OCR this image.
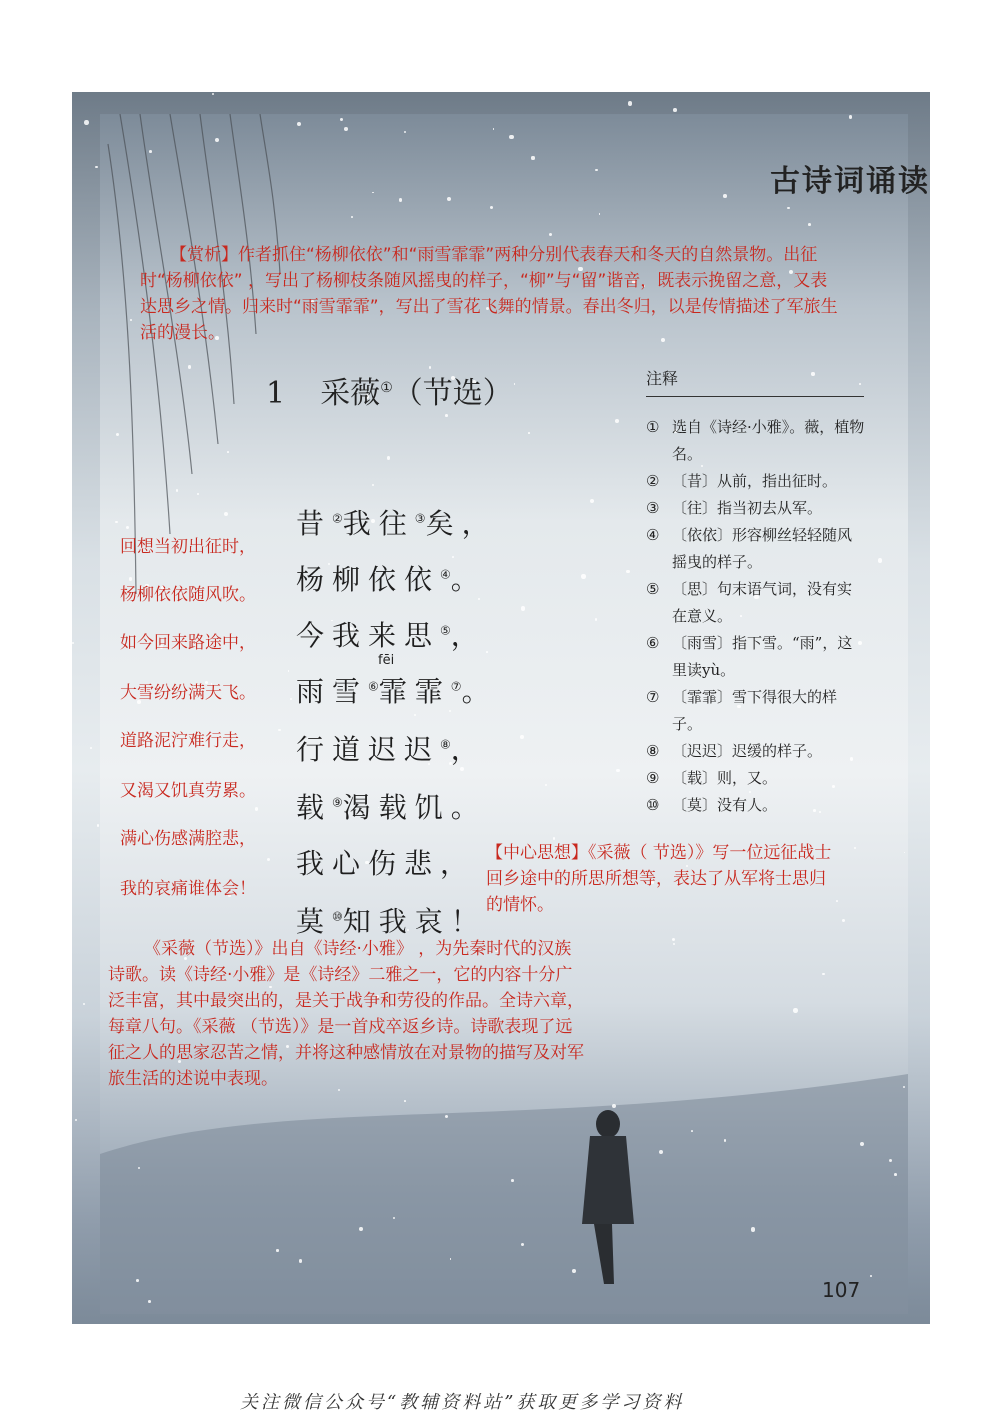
古诗词诵读
【赏析】作者抓住“杨柳依依”和“雨雪霏霏”两种分别代表春天和冬天的自然景物。出征时“杨柳依依” ，写出了杨柳枝条随风摇曳的样子，“柳”与“留”谐音，既表示挽留之意，又表达思乡之情。归来时“雨雪霏霏”，写出了雪花飞舞的情景。春出冬归，以是传情描述了军旅生活的漫长。
1 采薇①（节选）	注释
① 选自《诗经·小雅》。薇，植物名。
② 〔昔〕从前，指出征时。
③ 〔往〕指当初去从军。
④ 〔依依〕形容柳丝轻轻随风摇曳的样子。
⑤ 〔思〕句末语气词，没有实在意义。
⑥ 〔雨雪〕指下雪。“雨”，这里读yù。
⑦ 〔霏霏〕雪下得很大的样子。
⑧ 〔迟迟〕迟缓的样子。
⑨ 〔载〕则，又。
⑩ 〔莫〕没有人。
昔②我往③矣，
杨柳依依④。
今我来思⑤，
雨雪⑥霏霏⑦。
行道迟迟⑧，
载⑨渴载饥。
我心伤悲，
莫⑩知我哀！
fēi
回想当初出征时，
杨柳依依随风吹。
如今回来路途中，
大雪纷纷满天飞。
道路泥泞难行走，
又渴又饥真劳累。
满心伤感满腔悲，
我的哀痛谁体会！
【中心思想】《采薇（ 节选）》写一位远征战士回乡途中的所思所想等，表达了从军将士思归的情怀。
《采薇（节选）》出自《诗经·小雅》 ，为先秦时代的汉族诗歌。读《诗经·小雅》是《诗经》二雅之一，它的内容十分广泛丰富，其中最突出的，是关于战争和劳役的作品。全诗六章，每章八句。《采薇 （节选）》是一首戍卒返乡诗。诗歌表现了远征之人的思家忍苦之情，并将这种感情放在对景物的描写及对军旅生活的述说中表现。
107
关注微信公众号“教辅资料站”获取更多学习资料
